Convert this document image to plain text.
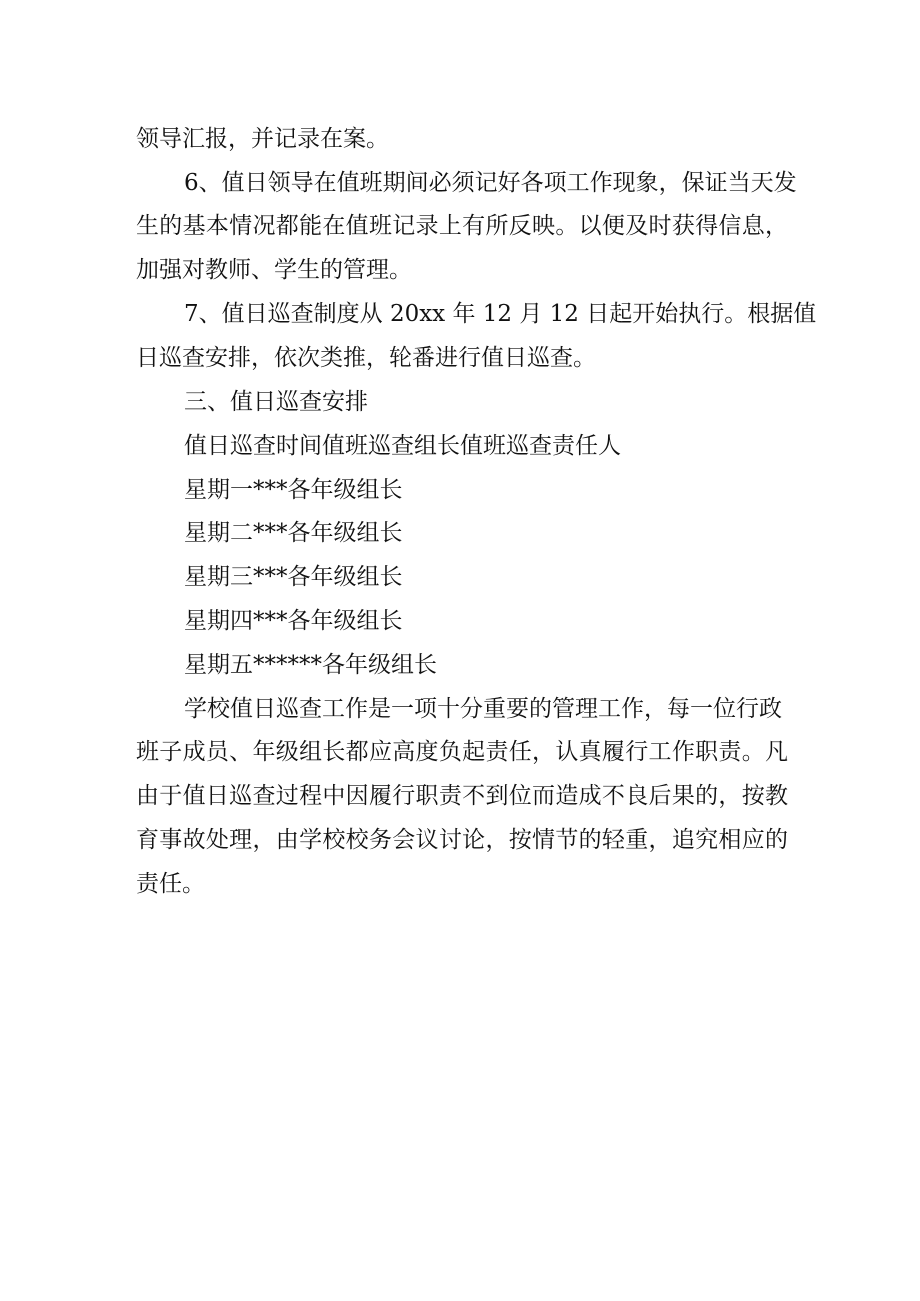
领导汇报，并记录在案。
6、值日领导在值班期间必须记好各项工作现象，保证当天发
生的基本情况都能在值班记录上有所反映。以便及时获得信息，
加强对教师、学生的管理。
7、值日巡查制度从 20xx 年 12 月 12 日起开始执行。根据值
日巡查安排，依次类推，轮番进行值日巡查。
三、值日巡查安排
值日巡查时间值班巡查组长值班巡查责任人
星期一***各年级组长
星期二***各年级组长
星期三***各年级组长
星期四***各年级组长
星期五******各年级组长
学校值日巡查工作是一项十分重要的管理工作，每一位行政
班子成员、年级组长都应高度负起责任，认真履行工作职责。凡
由于值日巡查过程中因履行职责不到位而造成不良后果的，按教
育事故处理，由学校校务会议讨论，按情节的轻重，追究相应的
责任。
